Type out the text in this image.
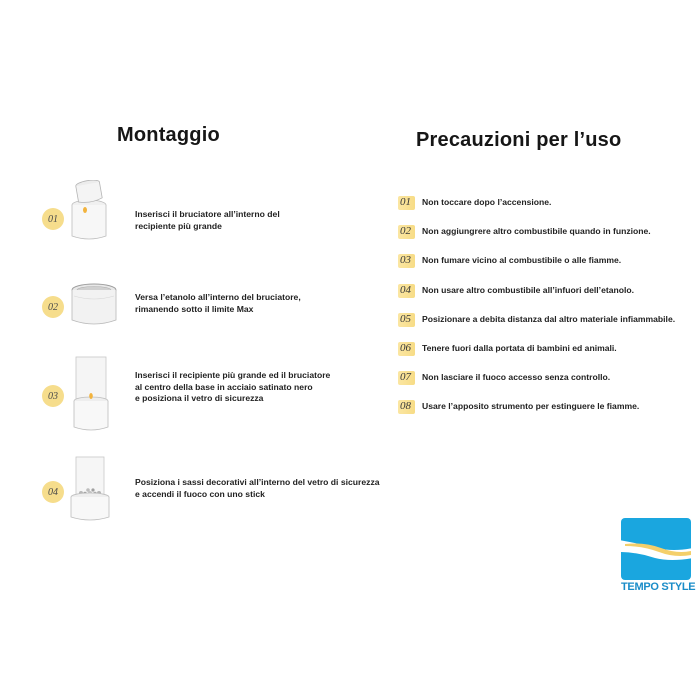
Montaggio	Precauzioni per l’uso
01	Inserisci il bruciatore all’interno del
recipiente più grande
02
Versa l’etanolo all’interno del bruciatore,
rimanendo sotto il limite Max
03
Inserisci il recipiente più grande ed il bruciatore
al centro della base in acciaio satinato nero
e posiziona il vetro di sicurezza
04
Posiziona i sassi decorativi all’interno del vetro di sicurezza
e accendi il fuoco con uno stick
01 Non toccare dopo l’accensione.
02 Non aggiungrere altro combustibile quando in funzione.
03 Non fumare vicino al combustibile o alle fiamme.
04 Non usare altro combustibile all’infuori dell’etanolo.
05 Posizionare a debita distanza dal altro materiale infiammabile.
06 Tenere fuori dalla portata di bambini ed animali.
07 Non lasciare il fuoco accesso senza controllo.
08 Usare l’apposito strumento per estinguere le fiamme.
TEMPO STYLE
